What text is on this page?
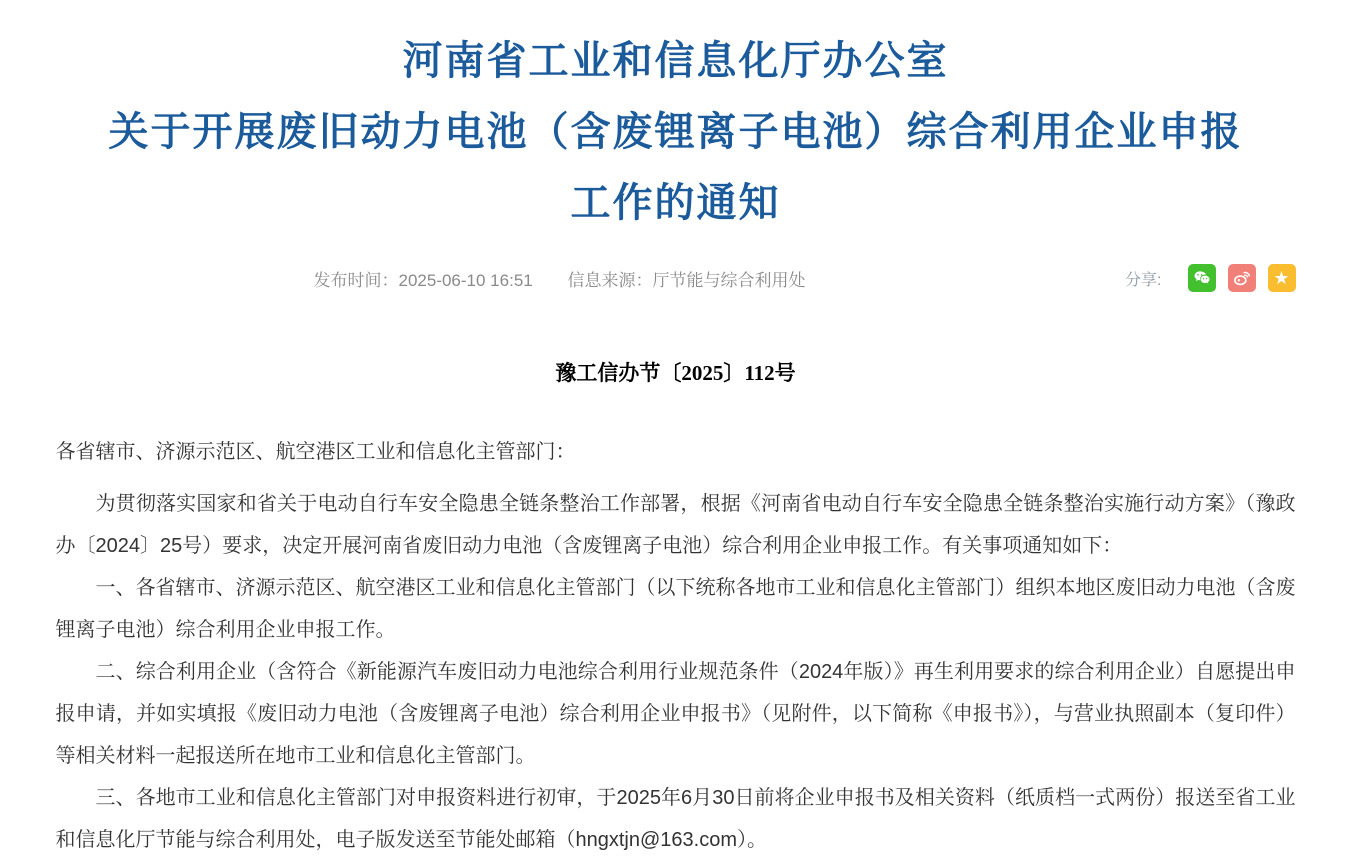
河南省工业和信息化厅办公室
关于开展废旧动力电池（含废锂离子电池）综合利用企业申报
工作的通知
发布时间：2025-06-10 16:51 信息来源：厅节能与综合利用处	分享:	★
豫工信办节〔2025〕112号

各省辖市、济源示范区、航空港区工业和信息化主管部门：

为贯彻落实国家和省关于电动自行车安全隐患全链条整治工作部署，根据《河南省电动自行车安全隐患全链条整治实施行动方案》（豫政办〔2024〕25号）要求，决定开展河南省废旧动力电池（含废锂离子电池）综合利用企业申报工作。有关事项通知如下：

一、各省辖市、济源示范区、航空港区工业和信息化主管部门（以下统称各地市工业和信息化主管部门）组织本地区废旧动力电池（含废锂离子电池）综合利用企业申报工作。

二、综合利用企业（含符合《新能源汽车废旧动力电池综合利用行业规范条件（2024年版）》再生利用要求的综合利用企业）自愿提出申报申请，并如实填报《废旧动力电池（含废锂离子电池）综合利用企业申报书》（见附件，以下简称《申报书》），与营业执照副本（复印件）等相关材料一起报送所在地市工业和信息化主管部门。

三、各地市工业和信息化主管部门对申报资料进行初审，于2025年6月30日前将企业申报书及相关资料（纸质档一式两份）报送至省工业和信息化厅节能与综合利用处，电子版发送至节能处邮箱（hngxtjn@163.com）。
